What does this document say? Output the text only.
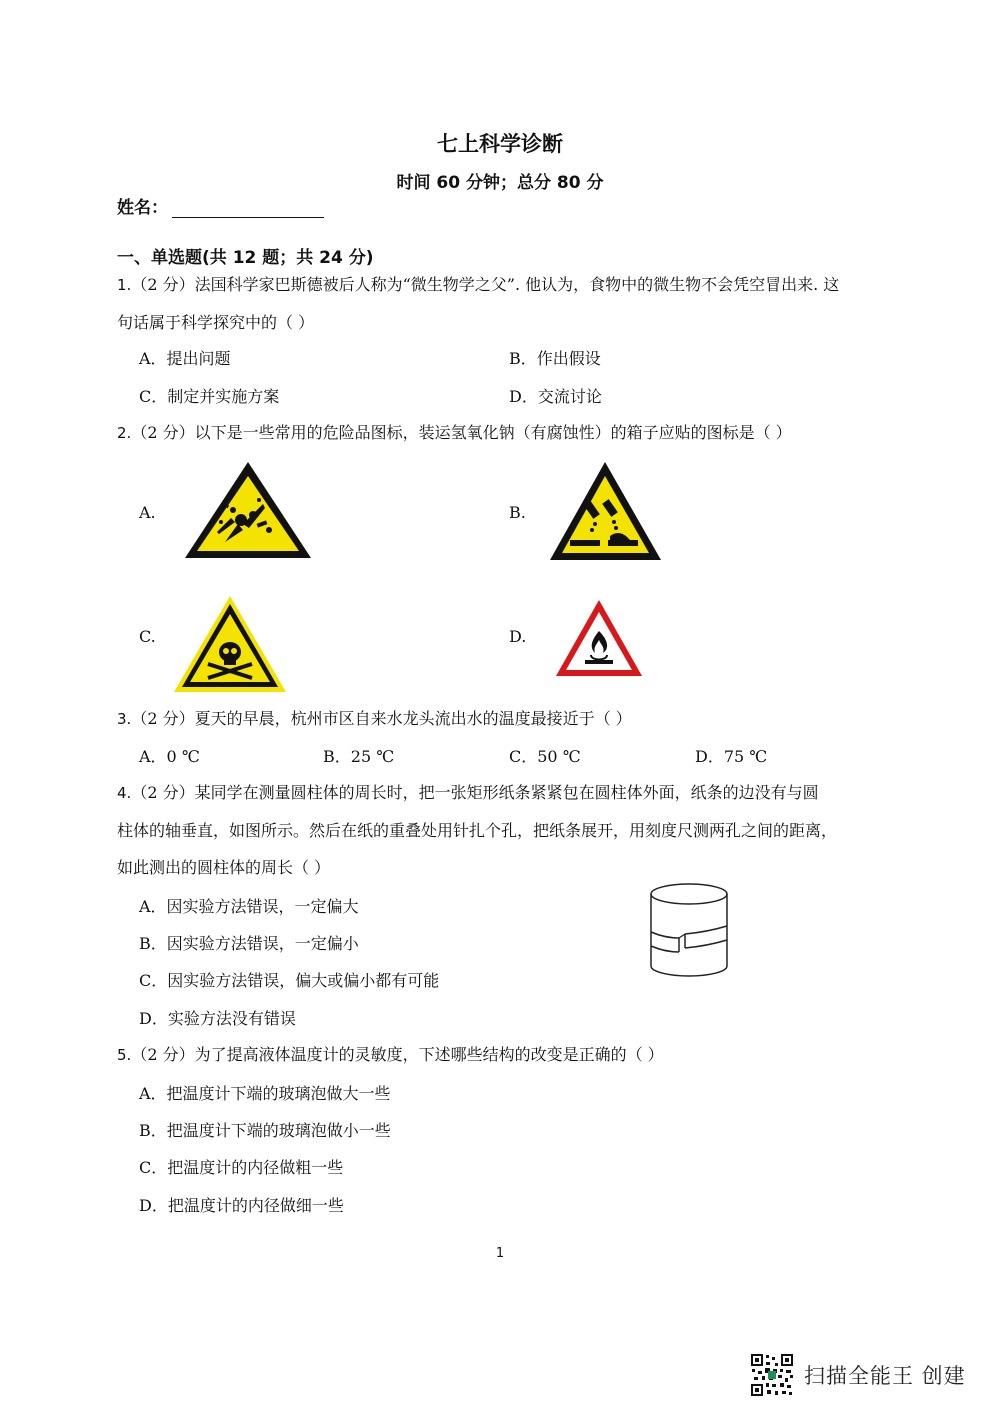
七上科学诊断
时间 60 分钟；总分 80 分
姓名：
一、单选题(共 12 题；共 24 分)
1.（2 分）法国科学家巴斯德被后人称为“微生物学之父”. 他认为，食物中的微生物不会凭空冒出来. 这
句话属于科学探究中的（ ）
A．提出问题	B．作出假设
C．制定并实施方案	D．交流讨论
2.（2 分）以下是一些常用的危险品图标，装运氢氧化钠（有腐蚀性）的箱子应贴的图标是（ ）
A.	B.
C.	D.
3.（2 分）夏天的早晨，杭州市区自来水龙头流出水的温度最接近于（ ）
A．0 ℃	B．25 ℃	C．50 ℃	D．75 ℃
4.（2 分）某同学在测量圆柱体的周长时，把一张矩形纸条紧紧包在圆柱体外面，纸条的边没有与圆
柱体的轴垂直，如图所示。然后在纸的重叠处用针扎个孔，把纸条展开，用刻度尺测两孔之间的距离，
如此测出的圆柱体的周长（ ）
A．因实验方法错误，一定偏大
B．因实验方法错误，一定偏小
C．因实验方法错误，偏大或偏小都有可能
D．实验方法没有错误
5.（2 分）为了提高液体温度计的灵敏度，下述哪些结构的改变是正确的（ ）
A．把温度计下端的玻璃泡做大一些
B．把温度计下端的玻璃泡做小一些
C．把温度计的内径做粗一些
D．把温度计的内径做细一些
1
扫描全能王 创建
